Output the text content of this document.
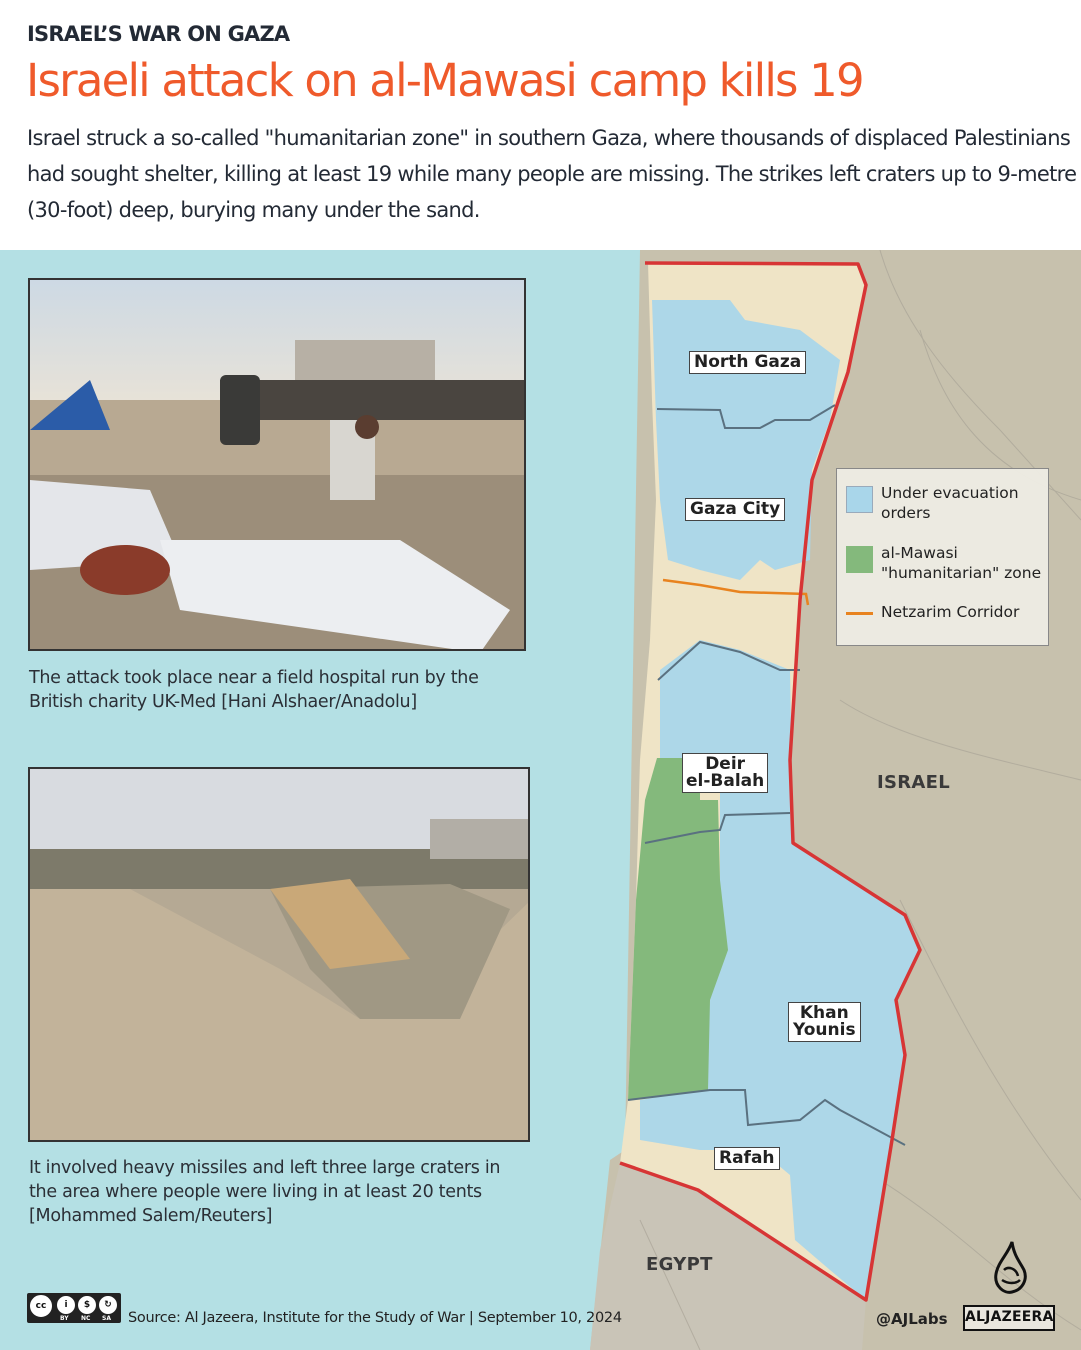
ISRAEL’S WAR ON GAZA
Israeli attack on al-Mawasi camp kills 19
Israel struck a so-called "humanitarian zone" in southern Gaza, where thousands of displaced Palestinians had sought shelter, killing at least 19 while many people are missing. The strikes left craters up to 9-metre (30-foot) deep, burying many under the sand.
The attack took place near a field hospital run by the British charity UK-Med [Hani Alshaer/Anadolu]
It involved heavy missiles and left three large craters in the area where people were living in at least 20 tents [Mohammed Salem/Reuters]
North Gaza
Gaza City
Deir
el-Balah
Khan
Younis
Rafah
ISRAEL
EGYPT
Under evacuation
orders
al-Mawasi
"humanitarian" zone
Netzarim Corridor
cc	i	$	↻
BY NC SA Source: Al Jazeera, Institute for the Study of War | September 10, 2024	@AJLabs ALJAZEERA
